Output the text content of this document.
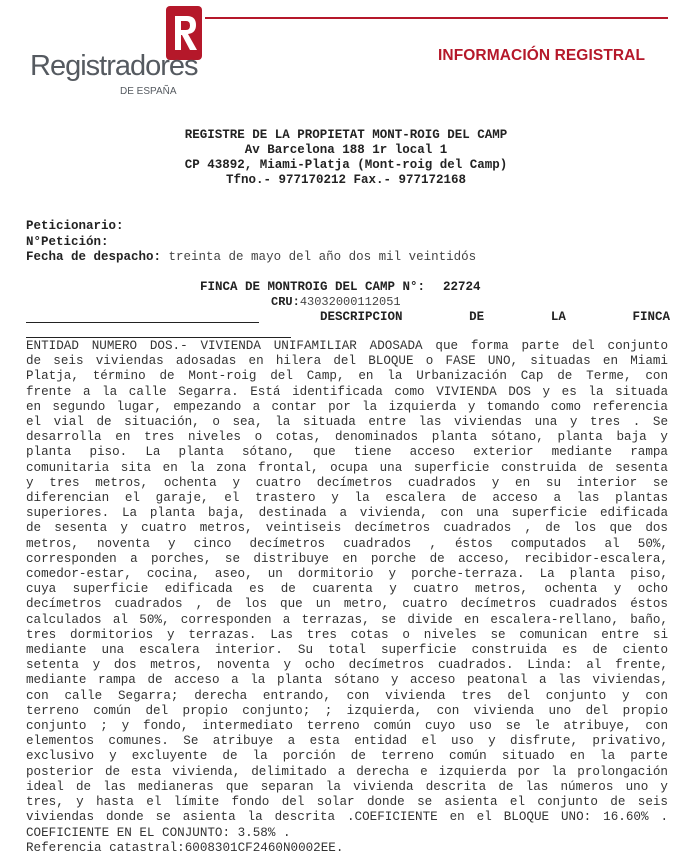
Registradores
DE ESPAÑA
INFORMACIÓN REGISTRAL
REGISTRE DE LA PROPIETAT MONT-ROIG DEL CAMP
Av Barcelona 188 1r local 1
CP 43892, Miami-Platja (Mont-roig del Camp)
Tfno.- 977170212 Fax.- 977172168
Peticionario:
N°Petición:
Fecha de despacho: treinta de mayo del año dos mil veintidós
FINCA DE MONTROIG DEL CAMP N°: 22724
CRU:43032000112051
DESCRIPCION	DE	LA	FINCA
ENTIDAD NUMERO DOS.- VIVIENDA UNIFAMILIAR ADOSADA que forma parte del conjunto
de seis viviendas adosadas en hilera del BLOQUE o FASE UNO, situadas en Miami
Platja, término de Mont-roig del Camp, en la Urbanización Cap de Terme, con
frente a la calle Segarra. Está identificada como VIVIENDA DOS y es la situada
en segundo lugar, empezando a contar por la izquierda y tomando como referencia
el vial de situación, o sea, la situada entre las viviendas una y tres . Se
desarrolla en tres niveles o cotas, denominados planta sótano, planta baja y
planta piso. La planta sótano, que tiene acceso exterior mediante rampa
comunitaria sita en la zona frontal, ocupa una superficie construida de sesenta
y tres metros, ochenta y cuatro decímetros cuadrados y en su interior se
diferencian el garaje, el trastero y la escalera de acceso a las plantas
superiores. La planta baja, destinada a vivienda, con una superficie edificada
de sesenta y cuatro metros, veintiseis decímetros cuadrados , de los que dos
metros, noventa y cinco decímetros cuadrados , éstos computados al 50%,
corresponden a porches, se distribuye en porche de acceso, recibidor-escalera,
comedor-estar, cocina, aseo, un dormitorio y porche-terraza. La planta piso,
cuya superficie edificada es de cuarenta y cuatro metros, ochenta y ocho
decímetros cuadrados , de los que un metro, cuatro decímetros cuadrados éstos
calculados al 50%, corresponden a terrazas, se divide en escalera-rellano, baño,
tres dormitorios y terrazas. Las tres cotas o niveles se comunican entre si
mediante una escalera interior. Su total superficie construida es de ciento
setenta y dos metros, noventa y ocho decímetros cuadrados. Linda: al frente,
mediante rampa de acceso a la planta sótano y acceso peatonal a las viviendas,
con calle Segarra; derecha entrando, con vivienda tres del conjunto y con
terreno común del propio conjunto; ; izquierda, con vivienda uno del propio
conjunto ; y fondo, intermediato terreno común cuyo uso se le atribuye, con
elementos comunes. Se atribuye a esta entidad el uso y disfrute, privativo,
exclusivo y excluyente de la porción de terreno común situado en la parte
posterior de esta vivienda, delimitado a derecha e izquierda por la prolongación
ideal de las medianeras que separan la vivienda descrita de las números uno y
tres, y hasta el límite fondo del solar donde se asienta el conjunto de seis
viviendas donde se asienta la descrita .COEFICIENTE en el BLOQUE UNO: 16.60% .
COEFICIENTE EN EL CONJUNTO: 3.58% .
Referencia catastral:6008301CF2460N0002EE.
